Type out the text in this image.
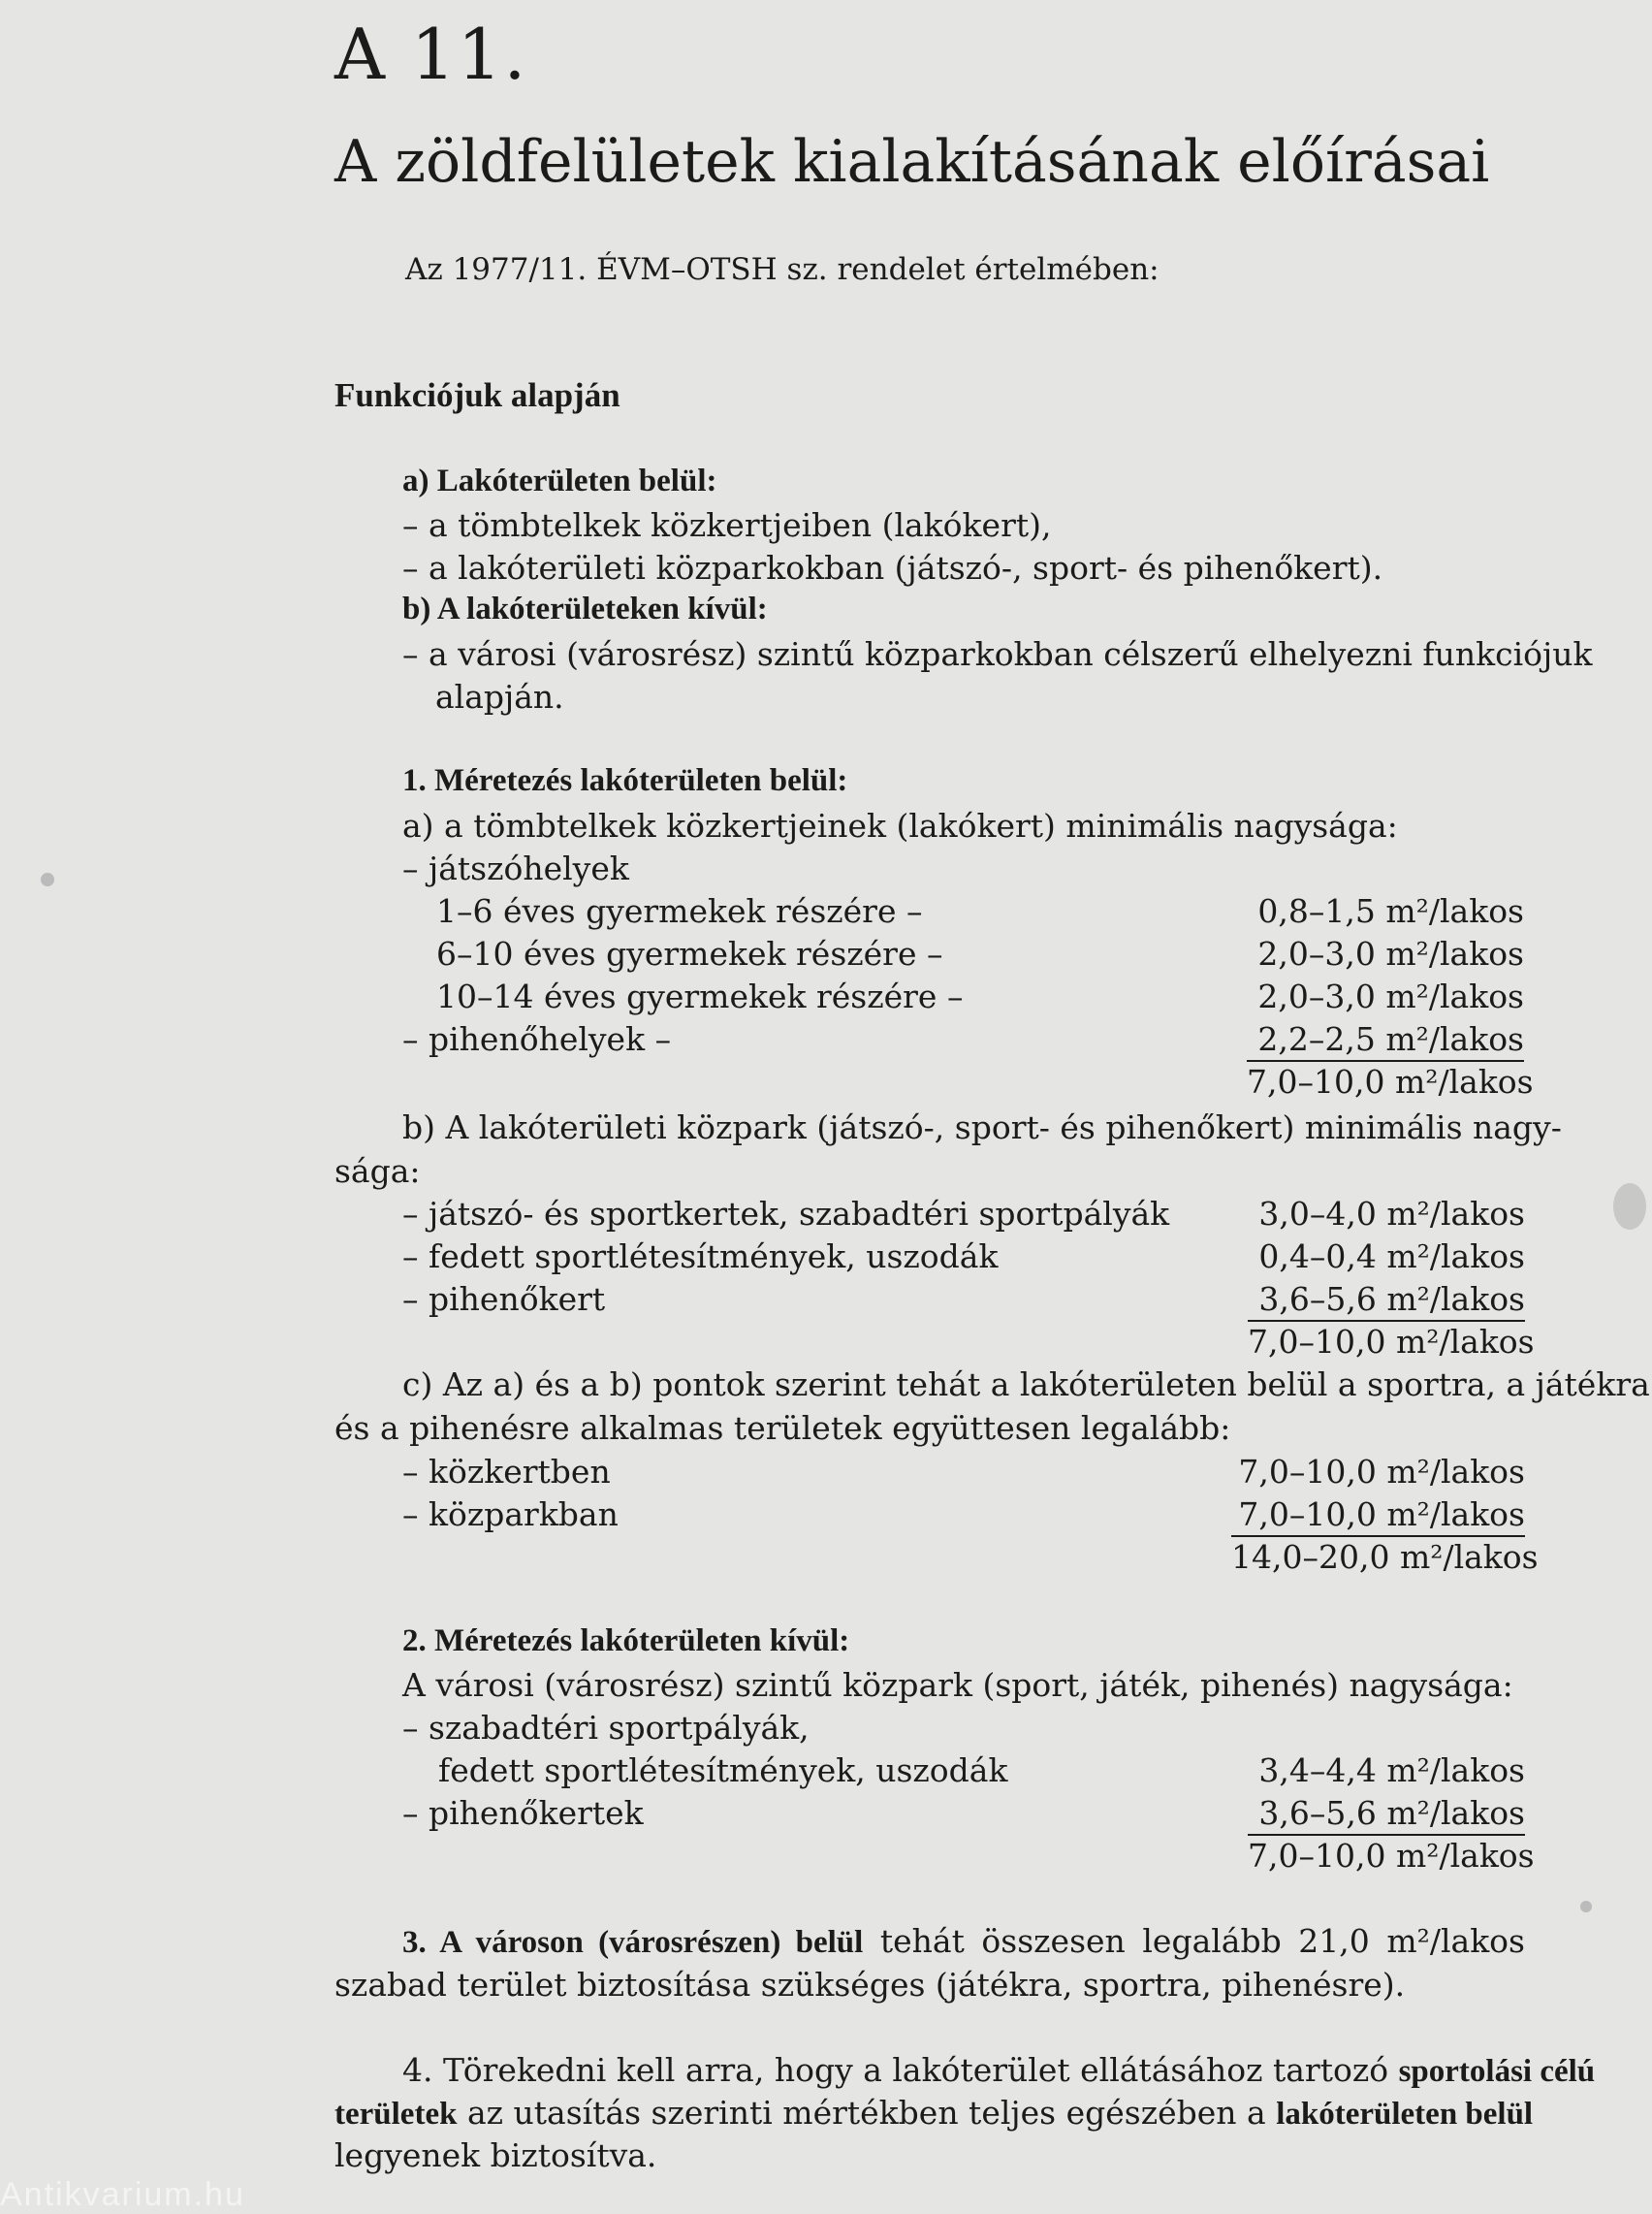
A 11.
A zöldfelületek kialakításának előírásai
Az 1977/11. ÉVM–OTSH sz. rendelet értelmében:
Funkciójuk alapján
a) Lakóterületen belül:
– a tömbtelkek közkertjeiben (lakókert),
– a lakóterületi közparkokban (játszó-, sport- és pihenőkert).
b) A lakóterületeken kívül:
– a városi (városrész) szintű közparkokban célszerű elhelyezni funkciójuk
alapján.
1. Méretezés lakóterületen belül:
a) a tömbtelkek közkertjeinek (lakókert) minimális nagysága:
– játszóhelyek
1–6 éves gyermekek részére –	0,8–1,5 m²/lakos
6–10 éves gyermekek részére –	2,0–3,0 m²/lakos
10–14 éves gyermekek részére –	2,0–3,0 m²/lakos
– pihenőhelyek –	2,2–2,5 m²/lakos
7,0–10,0 m²/lakos
b) A lakóterületi közpark (játszó-, sport- és pihenőkert) minimális nagy-
sága:
– játszó- és sportkertek, szabadtéri sportpályák	3,0–4,0 m²/lakos
– fedett sportlétesítmények, uszodák	0,4–0,4 m²/lakos
– pihenőkert	3,6–5,6 m²/lakos
7,0–10,0 m²/lakos
c) Az a) és a b) pontok szerint tehát a lakóterületen belül a sportra, a játékra
és a pihenésre alkalmas területek együttesen legalább:
– közkertben	7,0–10,0 m²/lakos
– közparkban	7,0–10,0 m²/lakos
14,0–20,0 m²/lakos
2. Méretezés lakóterületen kívül:
A városi (városrész) szintű közpark (sport, játék, pihenés) nagysága:
– szabadtéri sportpályák,
fedett sportlétesítmények, uszodák	3,4–4,4 m²/lakos
– pihenőkertek	3,6–5,6 m²/lakos
7,0–10,0 m²/lakos
3. A városon (városrészen) belül tehát összesen legalább 21,0 m²/lakos
szabad terület biztosítása szükséges (játékra, sportra, pihenésre).
4. Törekedni kell arra, hogy a lakóterület ellátásához tartozó sportolási célú
területek az utasítás szerinti mértékben teljes egészében a lakóterületen belül
legyenek biztosítva.
Antikvarium.hu
